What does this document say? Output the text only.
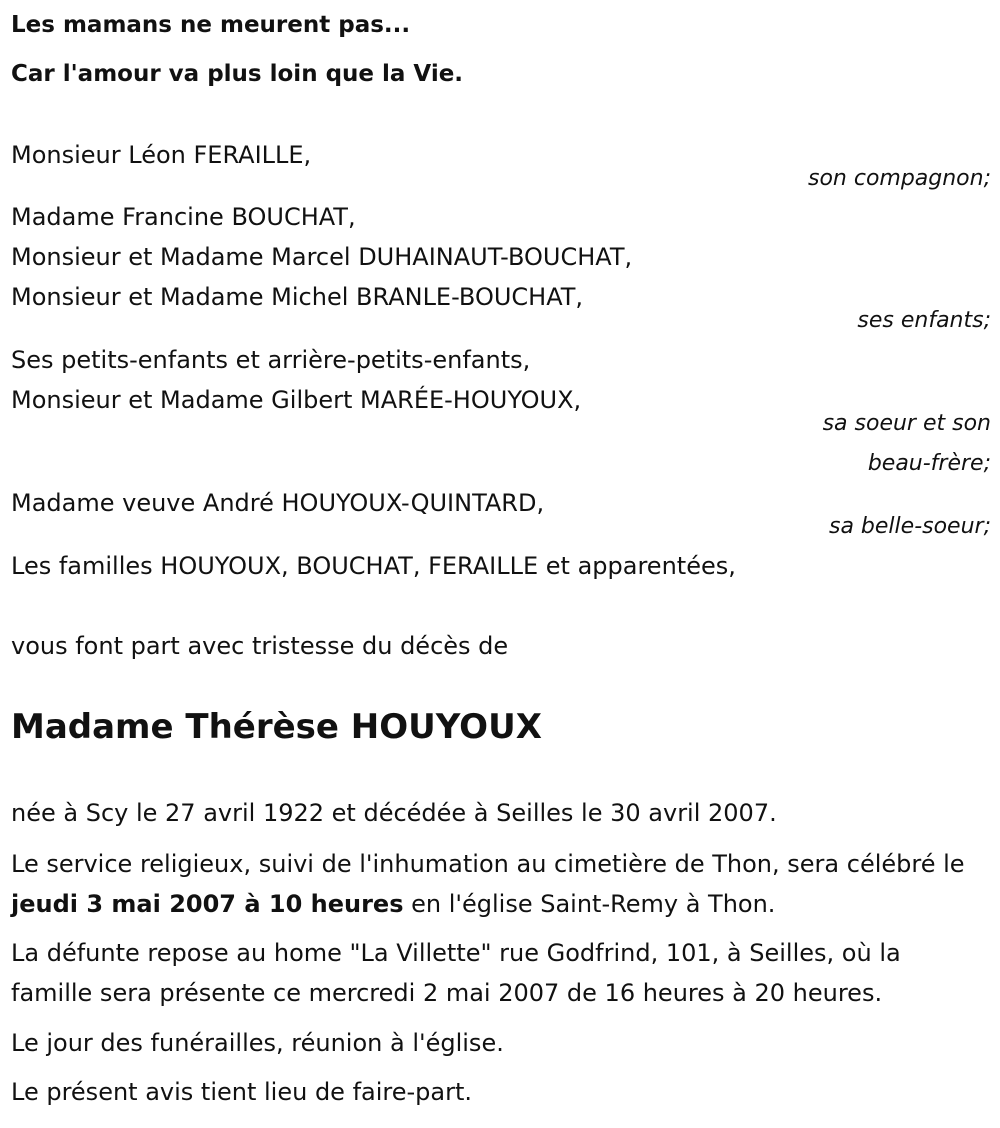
Les mamans ne meurent pas...
Car l'amour va plus loin que la Vie.
Monsieur Léon FERAILLE,
son compagnon;
Madame Francine BOUCHAT,
Monsieur et Madame Marcel DUHAINAUT-BOUCHAT,
Monsieur et Madame Michel BRANLE-BOUCHAT,
ses enfants;
Ses petits-enfants et arrière-petits-enfants,
Monsieur et Madame Gilbert MARÉE-HOUYOUX,
sa soeur et son
beau-frère;
Madame veuve André HOUYOUX-QUINTARD,
sa belle-soeur;
Les familles HOUYOUX, BOUCHAT, FERAILLE et apparentées,
vous font part avec tristesse du décès de
Madame Thérèse HOUYOUX
née à Scy le 27 avril 1922 et décédée à Seilles le 30 avril 2007.
Le service religieux, suivi de l'inhumation au cimetière de Thon, sera célébré le jeudi 3 mai 2007 à 10 heures en l'église Saint-Remy à Thon.
La défunte repose au home "La Villette" rue Godfrind, 101, à Seilles, où la famille sera présente ce mercredi 2 mai 2007 de 16 heures à 20 heures.
Le jour des funérailles, réunion à l'église.
Le présent avis tient lieu de faire-part.
